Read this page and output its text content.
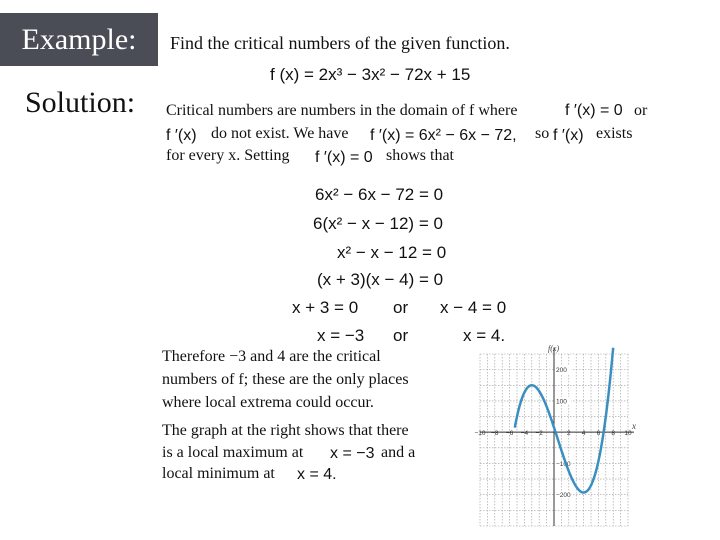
Example:	Find the critical numbers of the given function.
f (x) = 2x³ − 3x² − 72x + 15
Solution: Critical numbers are numbers in the domain of f where	f ′(x) = 0 or
f ′(x) do not exist. We have f ′(x) = 6x² − 6x − 72, so f ′(x) exists
for every x. Setting f ′(x) = 0 shows that
6x² − 6x − 72 = 0
6(x² − x − 12) = 0
x² − x − 12 = 0
(x + 3)(x − 4) = 0
x + 3 = 0 or x − 4 = 0
x = −3 or	x = 4.
Therefore −3 and 4 are the critical
numbers of f; these are the only places
where local extrema could occur.
The graph at the right shows that there
is a local maximum at x = −3 and a
local minimum at x = 4.
−10 −8 −6 −4 −2	2 4 6 8 10
200
100
−100
−200
f(x)
x
